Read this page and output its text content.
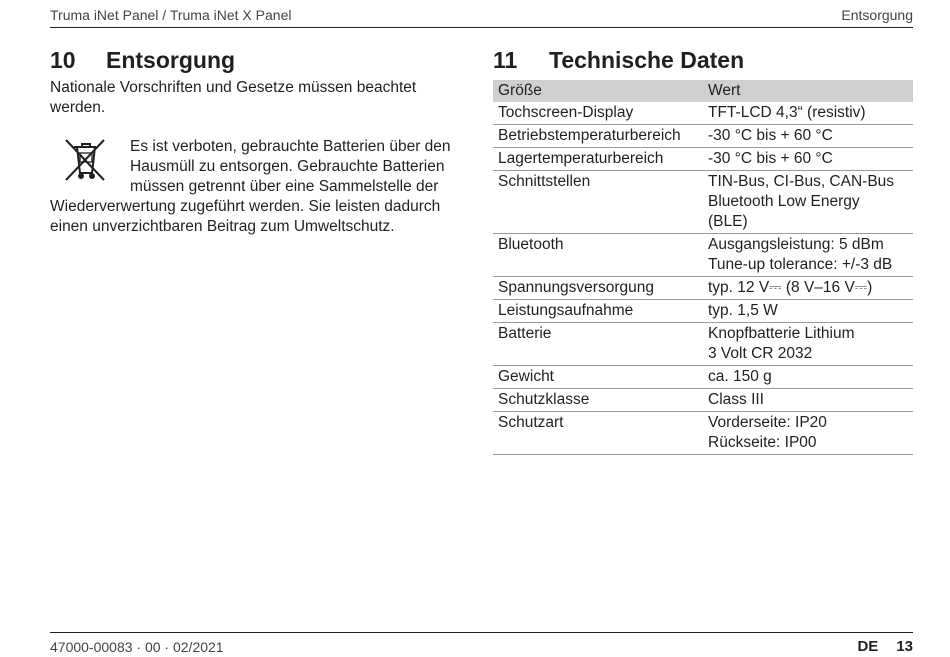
Truma iNet Panel / Truma iNet X Panel	Entsorgung
10 Entsorgung

Nationale Vorschriften und Gesetze müssen beachtet werden.

Es ist verboten, gebrauchte Batterien über den Hausmüll zu entsorgen. Gebrauchte Batterien müssen getrennt über eine Sammelstelle der Wiederverwertung zugeführt werden. Sie leisten dadurch einen unverzichtbaren Beitrag zum Umweltschutz.

11 Technische Daten
Größe	Wert
Tochscreen-Display	TFT-LCD 4,3“ (resistiv)

Betriebstemperaturbereich	-30 °C bis + 60 °C

Lagertemperaturbereich	-30 °C bis + 60 °C

Schnittstellen	TIN-Bus, CI-Bus, CAN-Bus
Bluetooth Low Energy
(BLE)

Bluetooth	Ausgangsleistung: 5 dBm
Tune-up tolerance: +/-3 dB

Spannungsversorgung	typ. 12 V⎓ (8 V–16 V⎓)

Leistungsaufnahme	typ. 1,5 W

Batterie	Knopfbatterie Lithium
3 Volt CR 2032

Gewicht	ca. 150 g

Schutzklasse	Class III

Schutzart	Vorderseite: IP20
Rückseite: IP00
47000-00083 · 00 · 02/2021	DE 13
